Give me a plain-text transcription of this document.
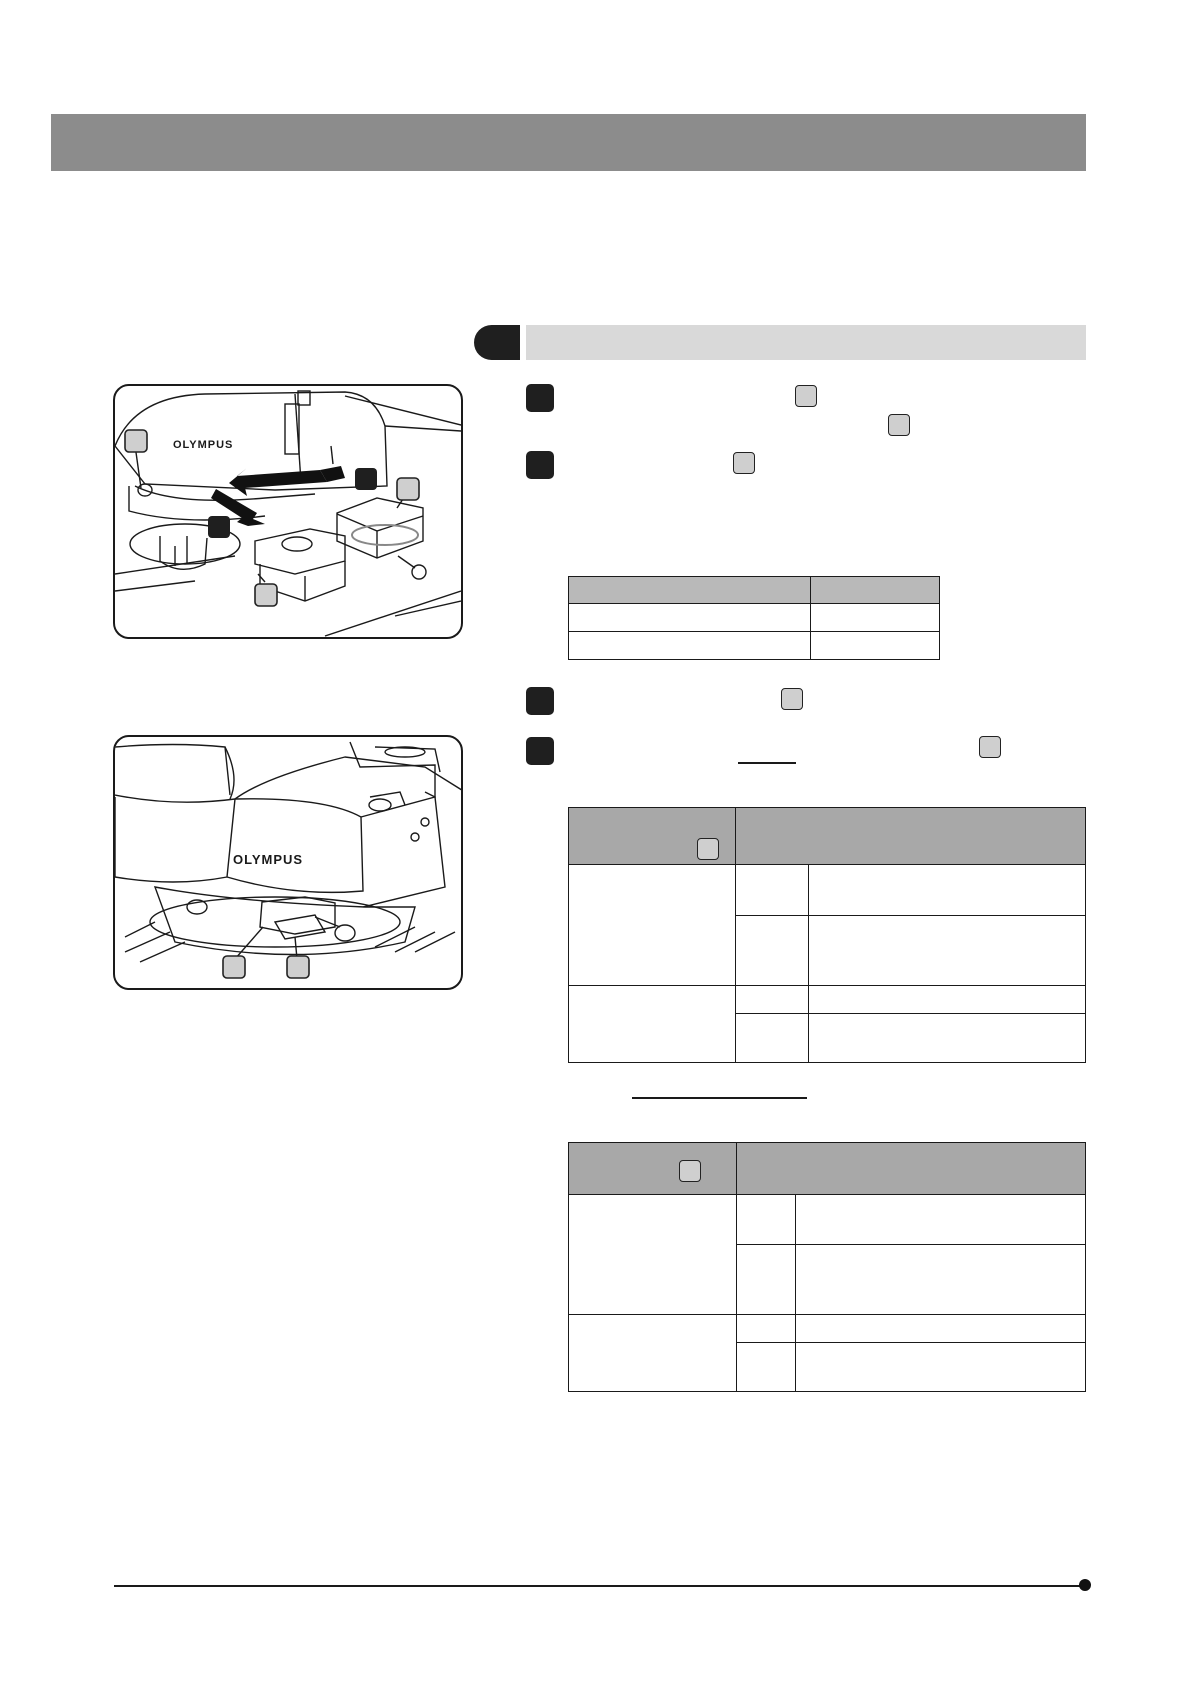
OLYMPUS
OLYMPUS
